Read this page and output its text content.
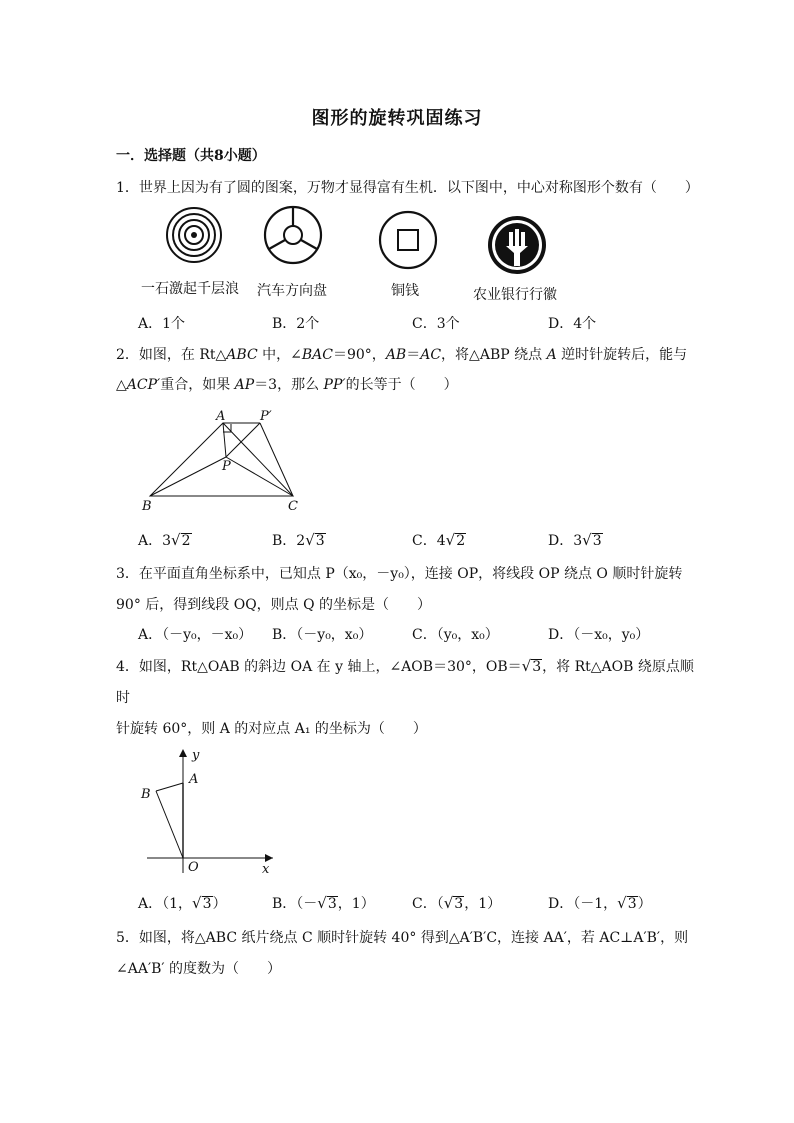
图形的旋转巩固练习
一．选择题（共8小题）
1．世界上因为有了圆的图案，万物才显得富有生机．以下图中，中心对称图形个数有（　　）
一石激起千层浪 汽车方向盘	铜钱	农业银行行徽
A．1个	B．2个	C．3个	D．4个
2．如图，在 Rt△ABC 中，∠BAC＝90°，AB＝AC，将△ABP 绕点 A 逆时针旋转后，能与
△ACP′重合，如果 AP＝3，那么 PP′的长等于（　　）
A	P′
P
B	C
A．3√2	B．2√3	C．4√2	D．3√3
3．在平面直角坐标系中，已知点 P（x₀，－y₀），连接 OP，将线段 OP 绕点 O 顺时针旋转
90° 后，得到线段 OQ，则点 Q 的坐标是（　　）
A．（－y₀，－x₀） B．（－y₀，x₀）	C．（y₀，x₀）	D．（－x₀，y₀）
4．如图，Rt△OAB 的斜边 OA 在 y 轴上，∠AOB＝30°，OB＝√3，将 Rt△AOB 绕原点顺
时
针旋转 60°，则 A 的对应点 A₁ 的坐标为（　　）
y
A
B
O	x
A．（1，√3）	B．（－√3，1）	C．（√3，1）	D．（－1，√3）
5．如图，将△ABC 纸片绕点 C 顺时针旋转 40° 得到△A′B′C，连接 AA′，若 AC⊥A′B′，则
∠AA′B′ 的度数为（　　）
